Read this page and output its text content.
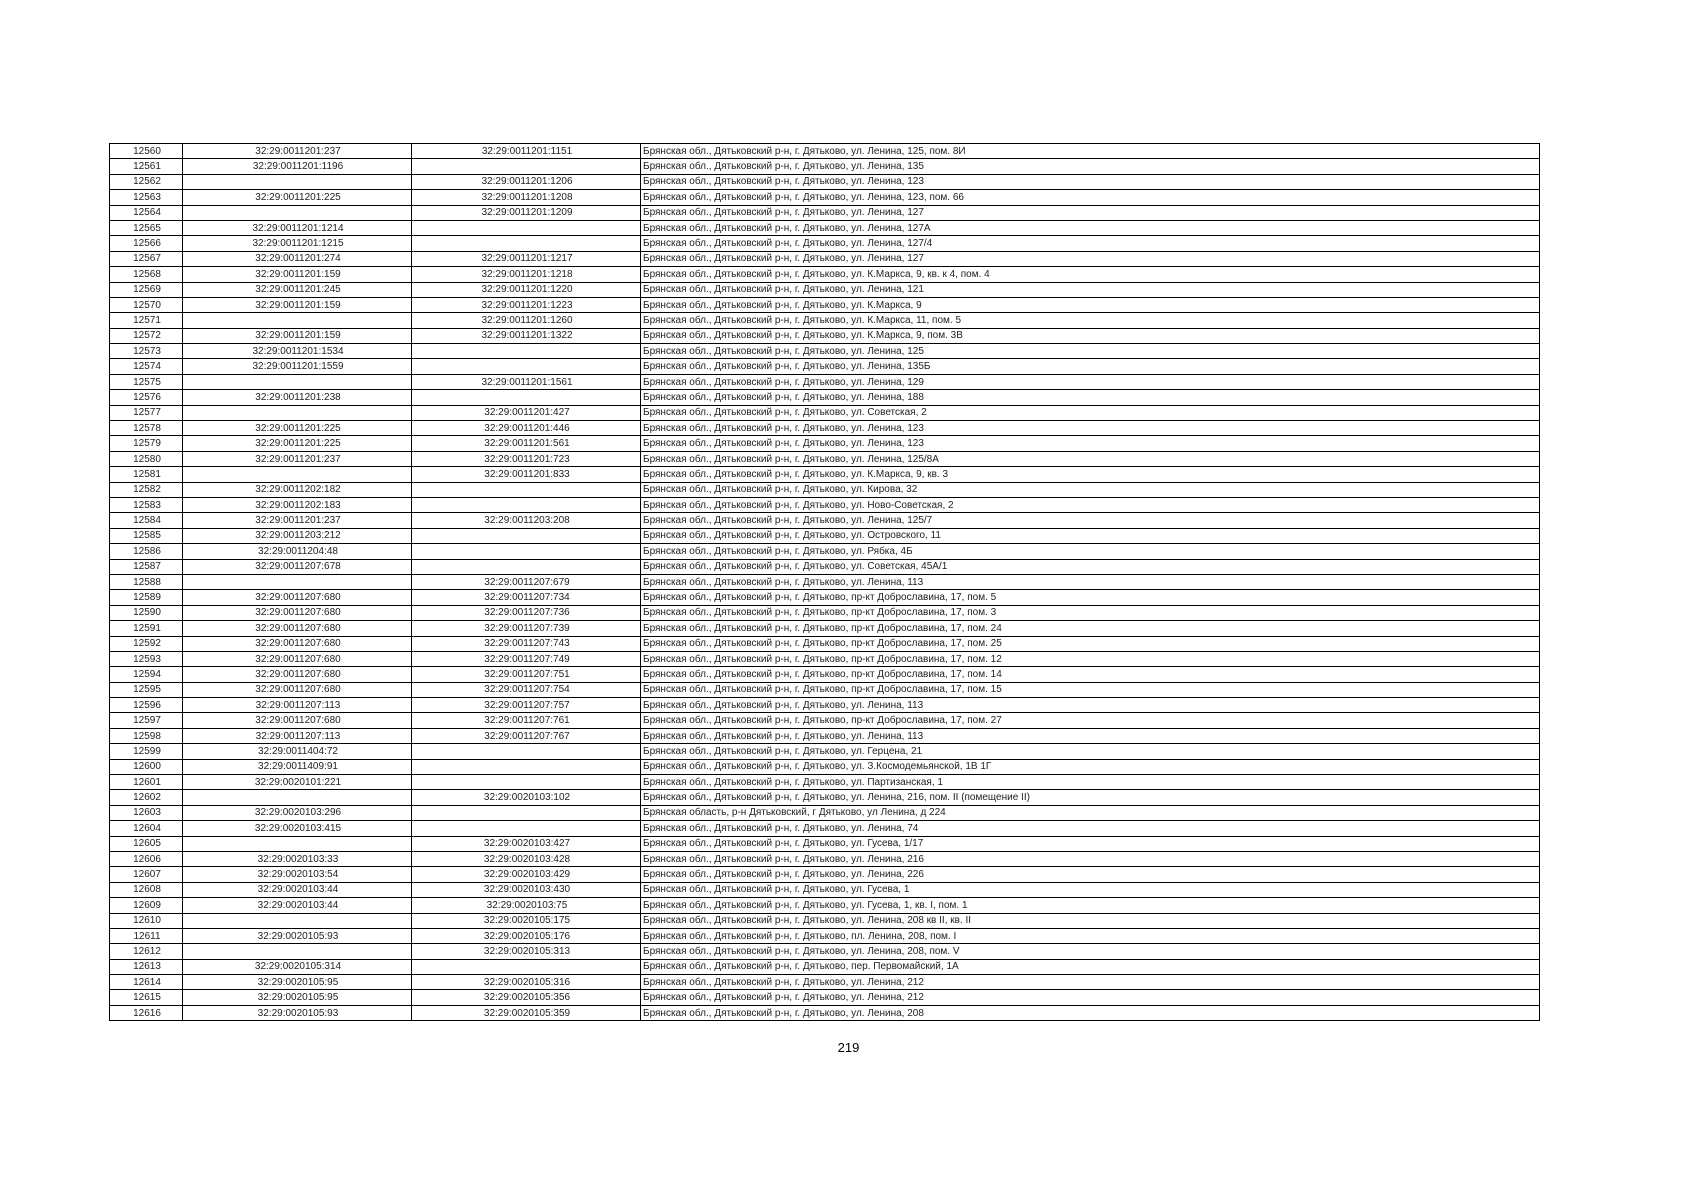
12560	32:29:0011201:237	32:29:0011201:1151	Брянская обл., Дятьковский р-н, г. Дятьково, ул. Ленина, 125, пом. 8И
12561	32:29:0011201:1196		Брянская обл., Дятьковский р-н, г. Дятьково, ул. Ленина, 135
12562		32:29:0011201:1206	Брянская обл., Дятьковский р-н, г. Дятьково, ул. Ленина, 123
12563	32:29:0011201:225	32:29:0011201:1208	Брянская обл., Дятьковский р-н, г. Дятьково, ул. Ленина, 123, пом. 66
12564		32:29:0011201:1209	Брянская обл., Дятьковский р-н, г. Дятьково, ул. Ленина, 127
12565	32:29:0011201:1214		Брянская обл., Дятьковский р-н, г. Дятьково, ул. Ленина, 127А
12566	32:29:0011201:1215		Брянская обл., Дятьковский р-н, г. Дятьково, ул. Ленина, 127/4
12567	32:29:0011201:274	32:29:0011201:1217	Брянская обл., Дятьковский р-н, г. Дятьково, ул. Ленина, 127
12568	32:29:0011201:159	32:29:0011201:1218	Брянская обл., Дятьковский р-н, г. Дятьково, ул. К.Маркса, 9, кв. к 4, пом. 4
12569	32:29:0011201:245	32:29:0011201:1220	Брянская обл., Дятьковский р-н, г. Дятьково, ул. Ленина, 121
12570	32:29:0011201:159	32:29:0011201:1223	Брянская обл., Дятьковский р-н, г. Дятьково, ул. К.Маркса, 9
12571		32:29:0011201:1260	Брянская обл., Дятьковский р-н, г. Дятьково, ул. К.Маркса, 11, пом. 5
12572	32:29:0011201:159	32:29:0011201:1322	Брянская обл., Дятьковский р-н, г. Дятьково, ул. К.Маркса, 9, пом. 3В
12573	32:29:0011201:1534		Брянская обл., Дятьковский р-н, г. Дятьково, ул. Ленина, 125
12574	32:29:0011201:1559		Брянская обл., Дятьковский р-н, г. Дятьково, ул. Ленина, 135Б
12575		32:29:0011201:1561	Брянская обл., Дятьковский р-н, г. Дятьково, ул. Ленина, 129
12576	32:29:0011201:238		Брянская обл., Дятьковский р-н, г. Дятьково, ул. Ленина, 188
12577		32:29:0011201:427	Брянская обл., Дятьковский р-н, г. Дятьково, ул. Советская, 2
12578	32:29:0011201:225	32:29:0011201:446	Брянская обл., Дятьковский р-н, г. Дятьково, ул. Ленина, 123
12579	32:29:0011201:225	32:29:0011201:561	Брянская обл., Дятьковский р-н, г. Дятьково, ул. Ленина, 123
12580	32:29:0011201:237	32:29:0011201:723	Брянская обл., Дятьковский р-н, г. Дятьково, ул. Ленина, 125/8А
12581		32:29:0011201:833	Брянская обл., Дятьковский р-н, г. Дятьково, ул. К.Маркса, 9, кв. 3
12582	32:29:0011202:182		Брянская обл., Дятьковский р-н, г. Дятьково, ул. Кирова, 32
12583	32:29:0011202:183		Брянская обл., Дятьковский р-н, г. Дятьково, ул. Ново-Советская, 2
12584	32:29:0011201:237	32:29:0011203:208	Брянская обл., Дятьковский р-н, г. Дятьково, ул. Ленина, 125/7
12585	32:29:0011203:212		Брянская обл., Дятьковский р-н, г. Дятьково, ул. Островского, 11
12586	32:29:0011204:48		Брянская обл., Дятьковский р-н, г. Дятьково, ул. Рябка, 4Б
12587	32:29:0011207:678		Брянская обл., Дятьковский р-н, г. Дятьково, ул. Советская, 45А/1
12588		32:29:0011207:679	Брянская обл., Дятьковский р-н, г. Дятьково, ул. Ленина, 113
12589	32:29:0011207:680	32:29:0011207:734	Брянская обл., Дятьковский р-н, г. Дятьково, пр-кт Доброславина, 17, пом. 5
12590	32:29:0011207:680	32:29:0011207:736	Брянская обл., Дятьковский р-н, г. Дятьково, пр-кт Доброславина, 17, пом. 3
12591	32:29:0011207:680	32:29:0011207:739	Брянская обл., Дятьковский р-н, г. Дятьково, пр-кт Доброславина, 17, пом. 24
12592	32:29:0011207:680	32:29:0011207:743	Брянская обл., Дятьковский р-н, г. Дятьково, пр-кт Доброславина, 17, пом. 25
12593	32:29:0011207:680	32:29:0011207:749	Брянская обл., Дятьковский р-н, г. Дятьково, пр-кт Доброславина, 17, пом. 12
12594	32:29:0011207:680	32:29:0011207:751	Брянская обл., Дятьковский р-н, г. Дятьково, пр-кт Доброславина, 17, пом. 14
12595	32:29:0011207:680	32:29:0011207:754	Брянская обл., Дятьковский р-н, г. Дятьково, пр-кт Доброславина, 17, пом. 15
12596	32:29:0011207:113	32:29:0011207:757	Брянская обл., Дятьковский р-н, г. Дятьково, ул. Ленина, 113
12597	32:29:0011207:680	32:29:0011207:761	Брянская обл., Дятьковский р-н, г. Дятьково, пр-кт Доброславина, 17, пом. 27
12598	32:29:0011207:113	32:29:0011207:767	Брянская обл., Дятьковский р-н, г. Дятьково, ул. Ленина, 113
12599	32:29:0011404:72		Брянская обл., Дятьковский р-н, г. Дятьково, ул. Герцена, 21
12600	32:29:0011409:91		Брянская обл., Дятьковский р-н, г. Дятьково, ул. З.Космодемьянской, 1В 1Г
12601	32:29:0020101:221		Брянская обл., Дятьковский р-н, г. Дятьково, ул. Партизанская, 1
12602		32:29:0020103:102	Брянская обл., Дятьковский р-н, г. Дятьково, ул. Ленина, 216, пом. II (помещение II)
12603	32:29:0020103:296		Брянская область, р-н Дятьковский, г Дятьково, ул Ленина, д 224
12604	32:29:0020103:415		Брянская обл., Дятьковский р-н, г. Дятьково, ул. Ленина, 74
12605		32:29:0020103:427	Брянская обл., Дятьковский р-н, г. Дятьково, ул. Гусева, 1/17
12606	32:29:0020103:33	32:29:0020103:428	Брянская обл., Дятьковский р-н, г. Дятьково, ул. Ленина, 216
12607	32:29:0020103:54	32:29:0020103:429	Брянская обл., Дятьковский р-н, г. Дятьково, ул. Ленина, 226
12608	32:29:0020103:44	32:29:0020103:430	Брянская обл., Дятьковский р-н, г. Дятьково, ул. Гусева, 1
12609	32:29:0020103:44	32:29:0020103:75	Брянская обл., Дятьковский р-н, г. Дятьково, ул. Гусева, 1, кв. I, пом. 1
12610		32:29:0020105:175	Брянская обл., Дятьковский р-н, г. Дятьково, ул. Ленина, 208 кв II, кв. II
12611	32:29:0020105:93	32:29:0020105:176	Брянская обл., Дятьковский р-н, г. Дятьково, пл. Ленина, 208, пом. I
12612		32:29:0020105:313	Брянская обл., Дятьковский р-н, г. Дятьково, ул. Ленина, 208, пом. V
12613	32:29:0020105:314		Брянская обл., Дятьковский р-н, г. Дятьково, пер. Первомайский, 1А
12614	32:29:0020105:95	32:29:0020105:316	Брянская обл., Дятьковский р-н, г. Дятьково, ул. Ленина, 212
12615	32:29:0020105:95	32:29:0020105:356	Брянская обл., Дятьковский р-н, г. Дятьково, ул. Ленина, 212
12616	32:29:0020105:93	32:29:0020105:359	Брянская обл., Дятьковский р-н, г. Дятьково, ул. Ленина, 208
219
